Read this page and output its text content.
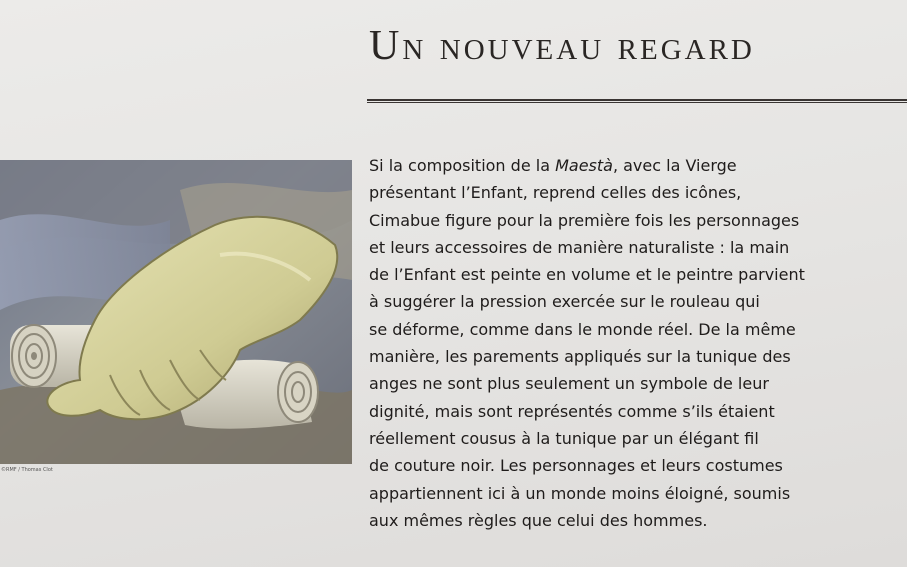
Un nouveau regard
©RMF / Thomas Clot

Si la composition de la Maestà, avec la Vierge
présentant l’Enfant, reprend celles des icônes,
Cimabue figure pour la première fois les personnages
et leurs accessoires de manière naturaliste : la main
de l’Enfant est peinte en volume et le peintre parvient
à suggérer la pression exercée sur le rouleau qui
se déforme, comme dans le monde réel. De la même
manière, les parements appliqués sur la tunique des
anges ne sont plus seulement un symbole de leur
dignité, mais sont représentés comme s’ils étaient
réellement cousus à la tunique par un élégant fil
de couture noir. Les personnages et leurs costumes
appartiennent ici à un monde moins éloigné, soumis
aux mêmes règles que celui des hommes.
